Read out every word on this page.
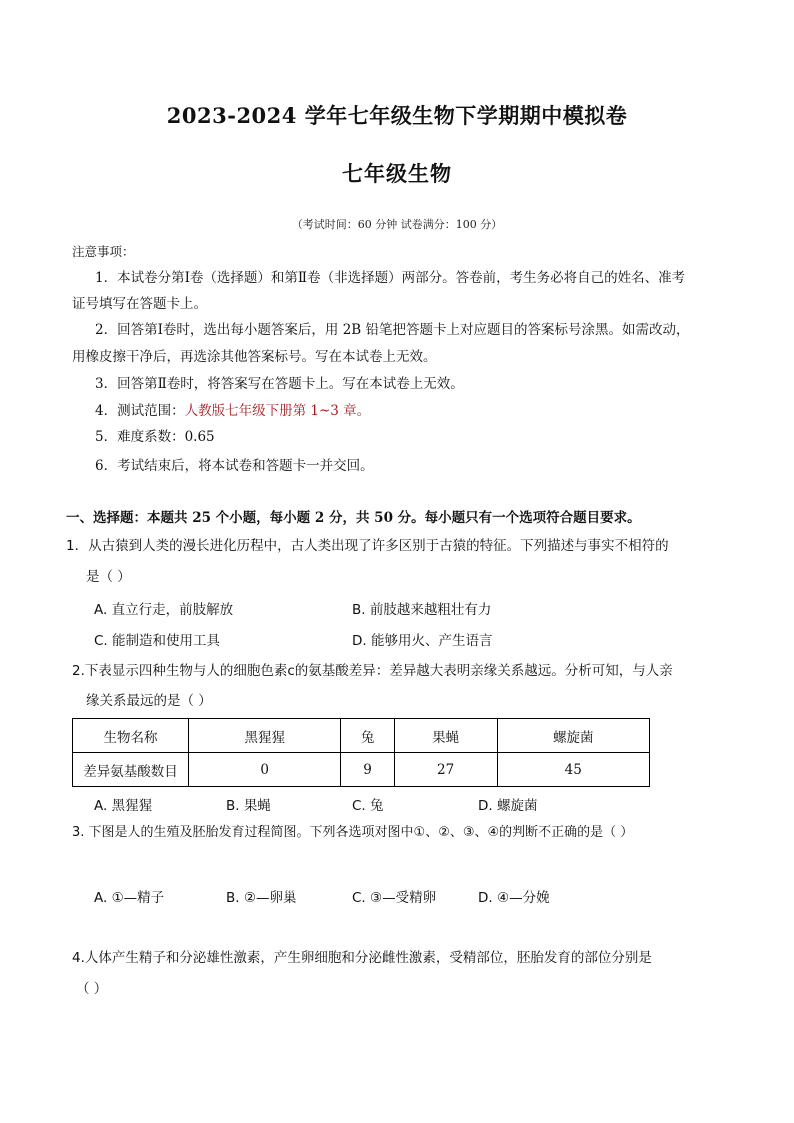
2023-2024 学年七年级生物下学期期中模拟卷
七年级生物
（考试时间：60 分钟 试卷满分：100 分）
注意事项：
1．本试卷分第Ⅰ卷（选择题）和第Ⅱ卷（非选择题）两部分。答卷前，考生务必将自己的姓名、准考
证号填写在答题卡上。
2．回答第Ⅰ卷时，选出每小题答案后，用 2B 铅笔把答题卡上对应题目的答案标号涂黑。如需改动，
用橡皮擦干净后，再选涂其他答案标号。写在本试卷上无效。
3．回答第Ⅱ卷时，将答案写在答题卡上。写在本试卷上无效。
4．测试范围：人教版七年级下册第 1~3 章。
5．难度系数：0.65
6．考试结束后，将本试卷和答题卡一并交回。
一、选择题：本题共 25 个小题，每小题 2 分，共 50 分。每小题只有一个选项符合题目要求。
1．从古猿到人类的漫长进化历程中，古人类出现了许多区别于古猿的特征。下列描述与事实不相符的
是（ ）
A. 直立行走，前肢解放	B. 前肢越来越粗壮有力
C. 能制造和使用工具	D. 能够用火、产生语言
2.下表显示四种生物与人的细胞色素c的氨基酸差异：差异越大表明亲缘关系越远。分析可知，与人亲
缘关系最远的是（ ）
生物名称	黑猩猩	兔	果蝇	螺旋菌
差异氨基酸数目	0	9	27	45
A. 黑猩猩	B. 果蝇	C. 兔	D. 螺旋菌
3. 下图是人的生殖及胚胎发育过程简图。下列各选项对图中①、②、③、④的判断不正确的是（ ）
A. ①—精子	B. ②—卵巢	C. ③—受精卵	D. ④—分娩
4.人体产生精子和分泌雄性激素，产生卵细胞和分泌雌性激素，受精部位，胚胎发育的部位分别是
（ ）
